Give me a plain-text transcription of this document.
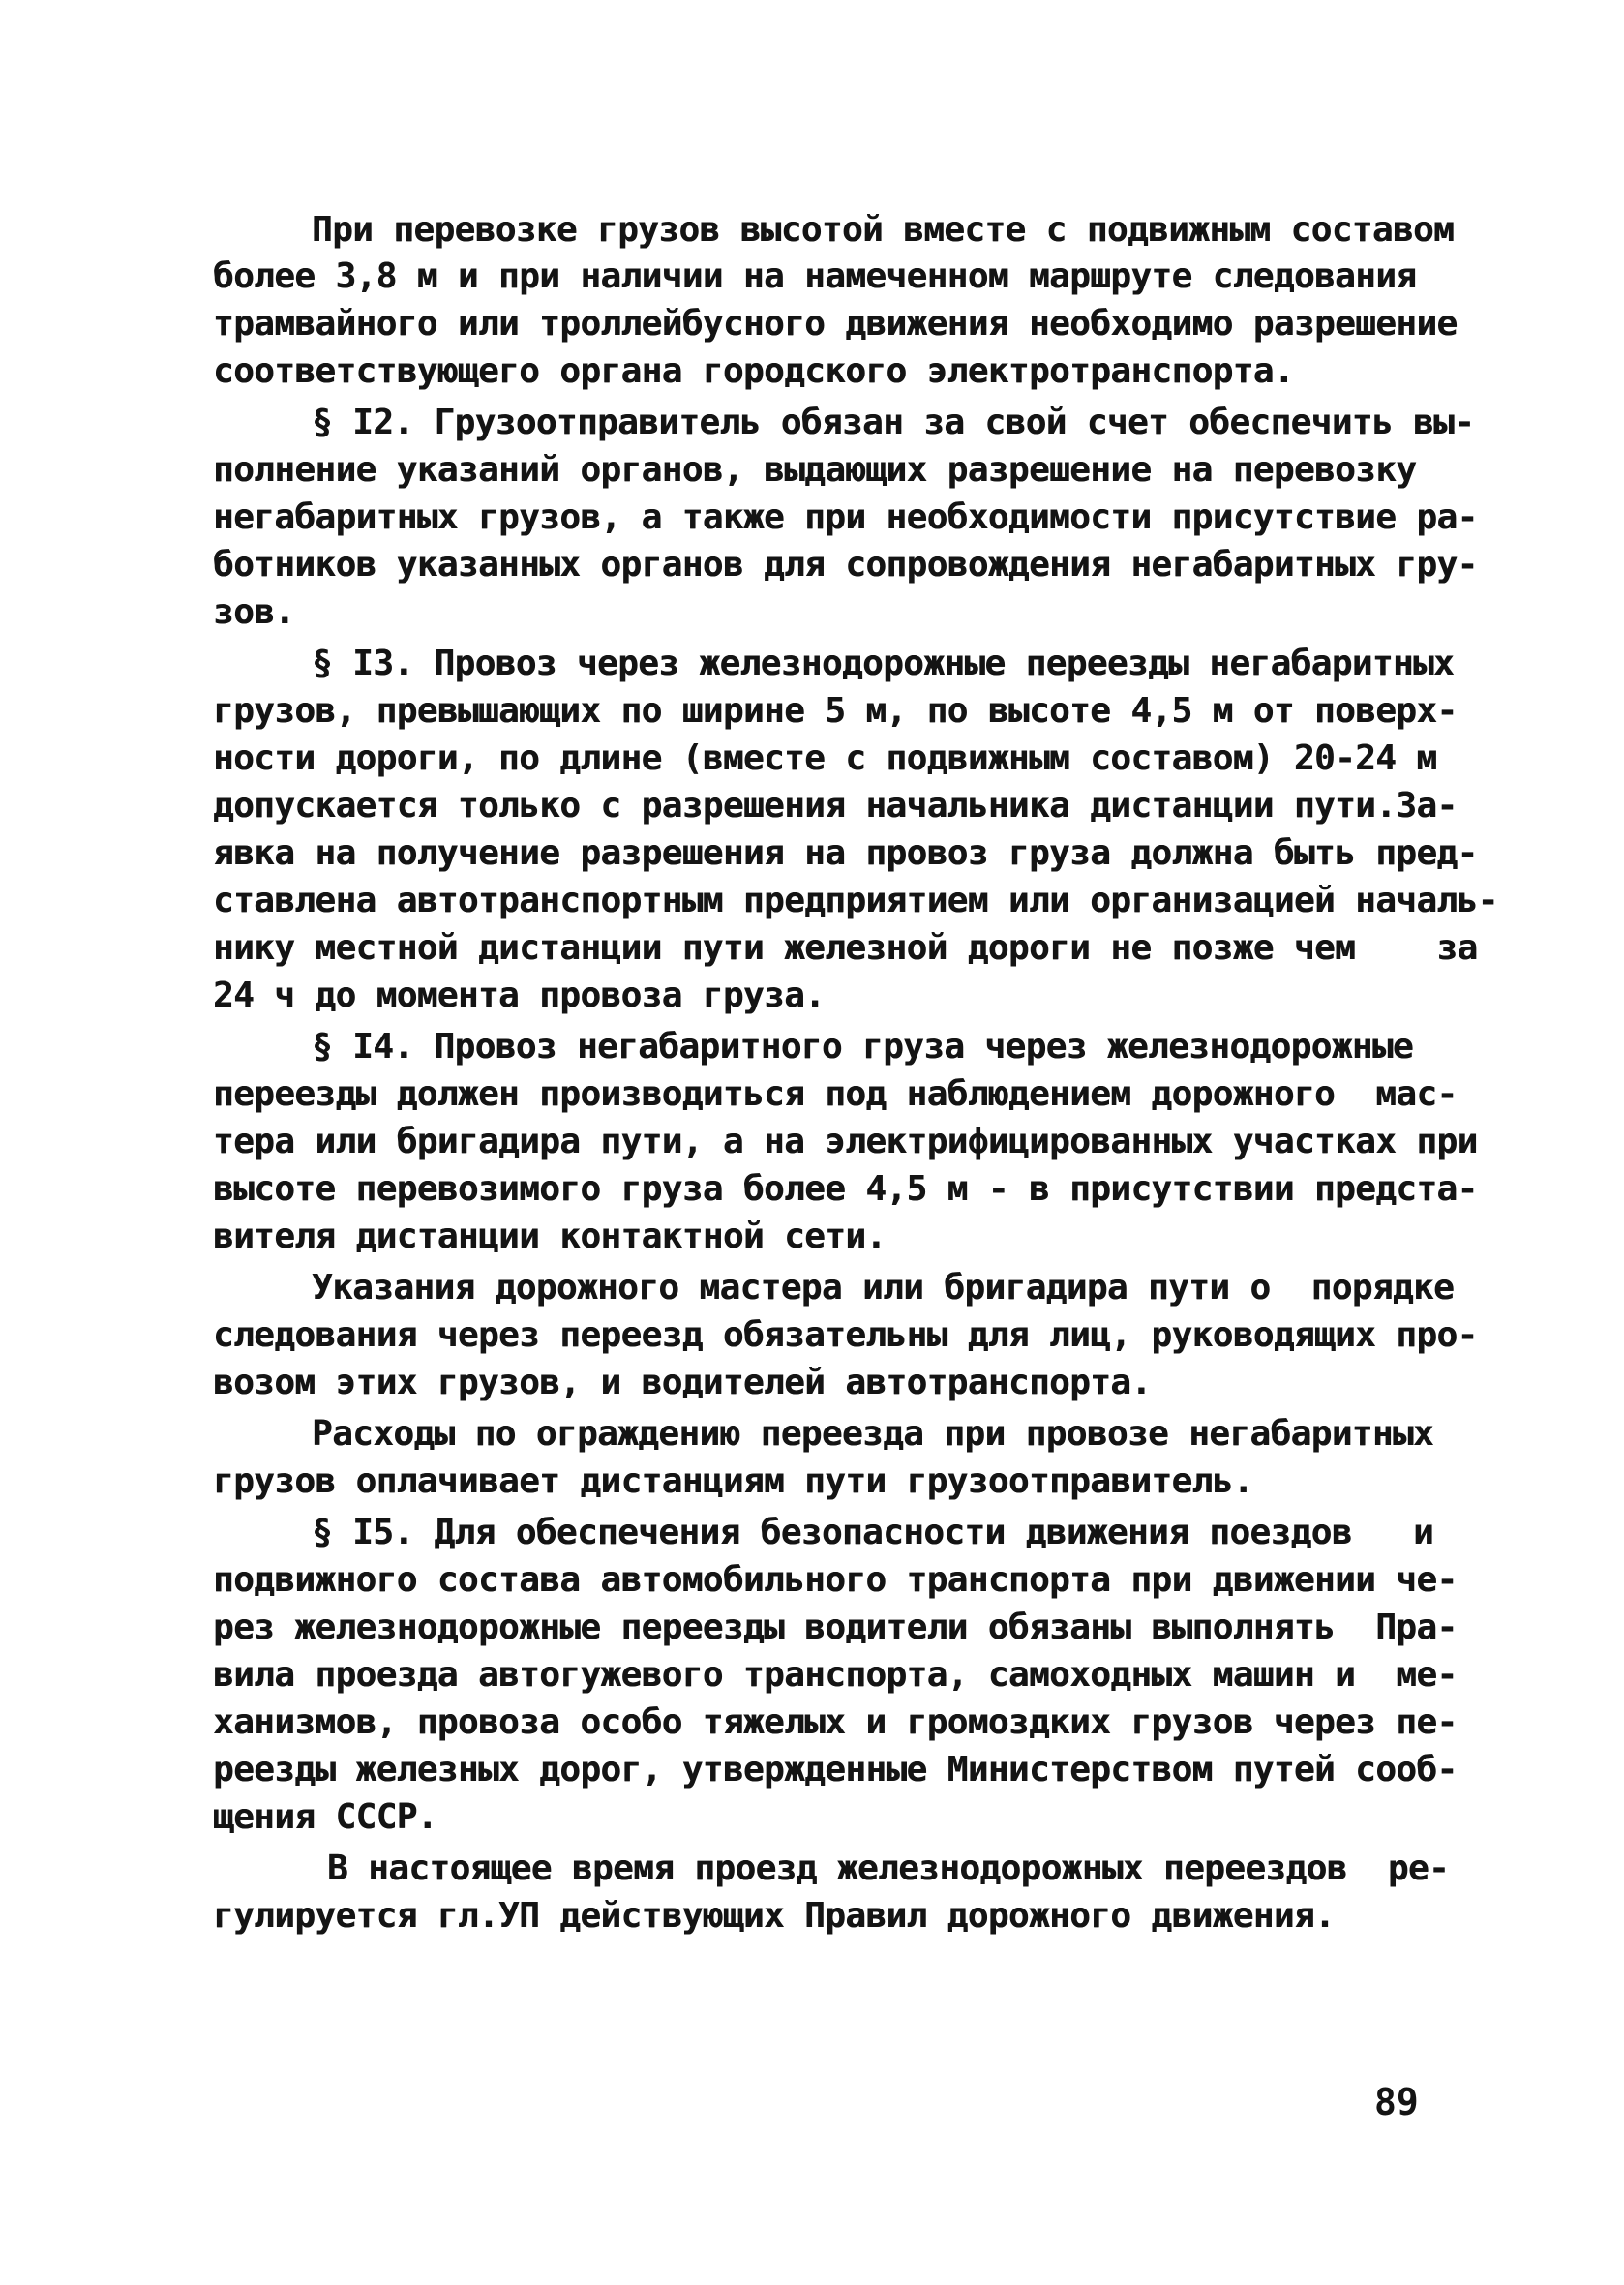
При перевозке грузов высотой вместе с подвижным составом
более 3,8 м и при наличии на намеченном маршруте следования
трамвайного или троллейбусного движения необходимо разрешение
соответствующего органа городского электротранспорта.
§ I2. Грузоотправитель обязан за свой счет обеспечить вы-
полнение указаний органов, выдающих разрешение на перевозку
негабаритных грузов, а также при необходимости присутствие ра-
ботников указанных органов для сопровождения негабаритных гру-
зов.
§ I3. Провоз через железнодорожные переезды негабаритных
грузов, превышающих по ширине 5 м, по высоте 4,5 м от поверх-
ности дороги, по длине (вместе с подвижным составом) 20-24 м
допускается только с разрешения начальника дистанции пути.За-
явка на получение разрешения на провоз груза должна быть пред-
ставлена автотранспортным предприятием или организацией началь-
нику местной дистанции пути железной дороги не позже чем    за
24 ч до момента провоза груза.
§ I4. Провоз негабаритного груза через железнодорожные
переезды должен производиться под наблюдением дорожного  мас-
тера или бригадира пути, а на электрифицированных участках при
высоте перевозимого груза более 4,5 м - в присутствии предста-
вителя дистанции контактной сети.
Указания дорожного мастера или бригадира пути о  порядке
следования через переезд обязательны для лиц, руководящих про-
возом этих грузов, и водителей автотранспорта.
Расходы по ограждению переезда при провозе негабаритных
грузов оплачивает дистанциям пути грузоотправитель.
§ I5. Для обеспечения безопасности движения поездов   и
подвижного состава автомобильного транспорта при движении че-
рез железнодорожные переезды водители обязаны выполнять  Пра-
вила проезда автогужевого транспорта, самоходных машин и  ме-
ханизмов, провоза особо тяжелых и громоздких грузов через пе-
реезды железных дорог, утвержденные Министерством путей сооб-
щения СССР.
В настоящее время проезд железнодорожных переездов  ре-
гулируется гл.УП действующих Правил дорожного движения.
89
